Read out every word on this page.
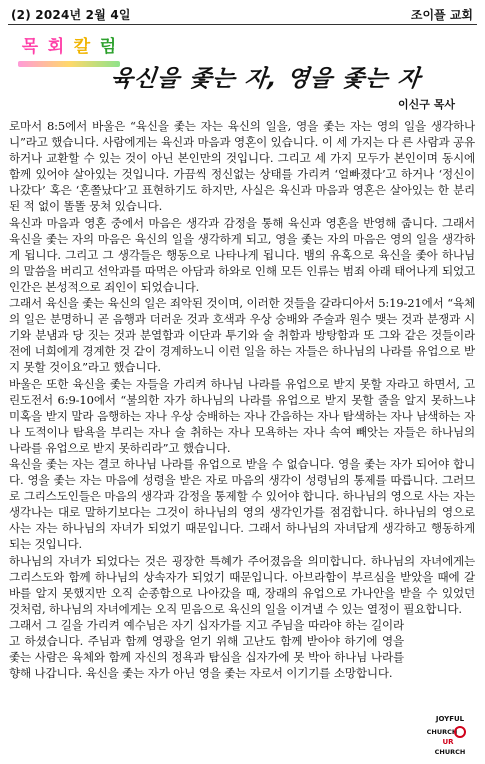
(2) 2024년 2월 4일	조이플 교회
목 회 칼 럼
육신을 좇는 자, 영을 좇는 자
이신구 목사

로마서 8:5에서 바울은 “육신을 좇는 자는 육신의 일을, 영을 좇는 자는 영의 일을 생각하나니”라고 했습니다. 사람에게는 육신과 마음과 영혼이 있습니다. 이 세 가지는 다 른 사람과 공유하거나 교환할 수 있는 것이 아닌 본인만의 것입니다. 그리고 세 가지 모두가 본인이며 동시에 함께 있어야 살아있는 것입니다. 가끔씩 정신없는 상태를 가리켜 ‘얼빠졌다’고 하거나 ‘정신이 나갔다’ 혹은 ‘혼쫄났다’고 표현하기도 하지만, 사실은 육신과 마음과 영혼은 살아있는 한 분리된 적 없이 똘똘 뭉쳐 있습니다.

육신과 마음과 영혼 중에서 마음은 생각과 감정을 통해 육신과 영혼을 반영해 줍니다. 그래서 육신을 좇는 자의 마음은 육신의 일을 생각하게 되고, 영을 좇는 자의 마음은 영의 일을 생각하게 됩니다. 그리고 그 생각들은 행동으로 나타나게 됩니다. 뱀의 유혹으로 육신을 좇아 하나님의 말씀을 버리고 선악과를 따먹은 아담과 하와로 인해 모든 인류는 범죄 아래 태어나게 되었고 인간은 본성적으로 죄인이 되었습니다.

그래서 육신을 좇는 육신의 일은 죄악된 것이며, 이러한 것들을 갈라디아서 5:19-21에서 “육체의 일은 분명하니 곧 음행과 더러운 것과 호색과 우상 숭배와 주술과 원수 맺는 것과 분쟁과 시기와 분냄과 당 짓는 것과 분열함과 이단과 투기와 술 취함과 방탕함과 또 그와 같은 것들이라 전에 너희에게 경계한 것 같이 경계하노니 이런 일을 하는 자들은 하나님의 나라를 유업으로 받지 못할 것이요”라고 했습니다.

바울은 또한 육신을 좇는 자들을 가리켜 하나님 나라를 유업으로 받지 못할 자라고 하면서, 고린도전서 6:9-10에서 “불의한 자가 하나님의 나라를 유업으로 받지 못할 줄을 알지 못하느냐 미혹을 받지 말라 음행하는 자나 우상 숭배하는 자나 간음하는 자나 탐색하는 자나 남색하는 자나 도적이나 탐욕을 부리는 자나 술 취하는 자나 모욕하는 자나 속여 빼앗는 자들은 하나님의 나라를 유업으로 받지 못하리라”고 했습니다.

육신을 좇는 자는 결코 하나님 나라를 유업으로 받을 수 없습니다. 영을 좇는 자가 되어야 합니다. 영을 좇는 자는 마음에 성령을 받은 자로 마음의 생각이 성령님의 통제를 따릅니다. 그러므로 그리스도인들은 마음의 생각과 감정을 통제할 수 있어야 합니다. 하나님의 영으로 사는 자는 생각나는 대로 말하기보다는 그것이 하나님의 영의 생각인가를 점검합니다. 하나님의 영으로 사는 자는 하나님의 자녀가 되었기 때문입니다. 그래서 하나님의 자녀답게 생각하고 행동하게 되는 것입니다.

하나님의 자녀가 되었다는 것은 굉장한 특혜가 주어졌음을 의미합니다. 하나님의 자녀에게는 그리스도와 함께 하나님의 상속자가 되었기 때문입니다. 아브라함이 부르심을 받았을 때에 갈 바를 알지 못했지만 오직 순종함으로 나아갔을 때, 장래의 유업으로 가나안을 받을 수 있었던 것처럼, 하나님의 자녀에게는 오직 믿음으로 육신의 일을 이겨낼 수 있는 열정이 필요합니다.

그래서 그 길을 가리켜 예수님은 자기 십자가를 지고 주님을 따라야 하는 길이라고 하셨습니다. 주님과 함께 영광을 얻기 위해 고난도 함께 받아야 하기에 영을 좇는 사람은 육체와 함께 자신의 정욕과 탐심을 십자가에 못 박아 하나님 나라를 향해 나갑니다. 육신을 좇는 자가 아닌 영을 좇는 자로서 이기기를 소망합니다.

JOYFUL
CHURCH
UR
CHURCH
